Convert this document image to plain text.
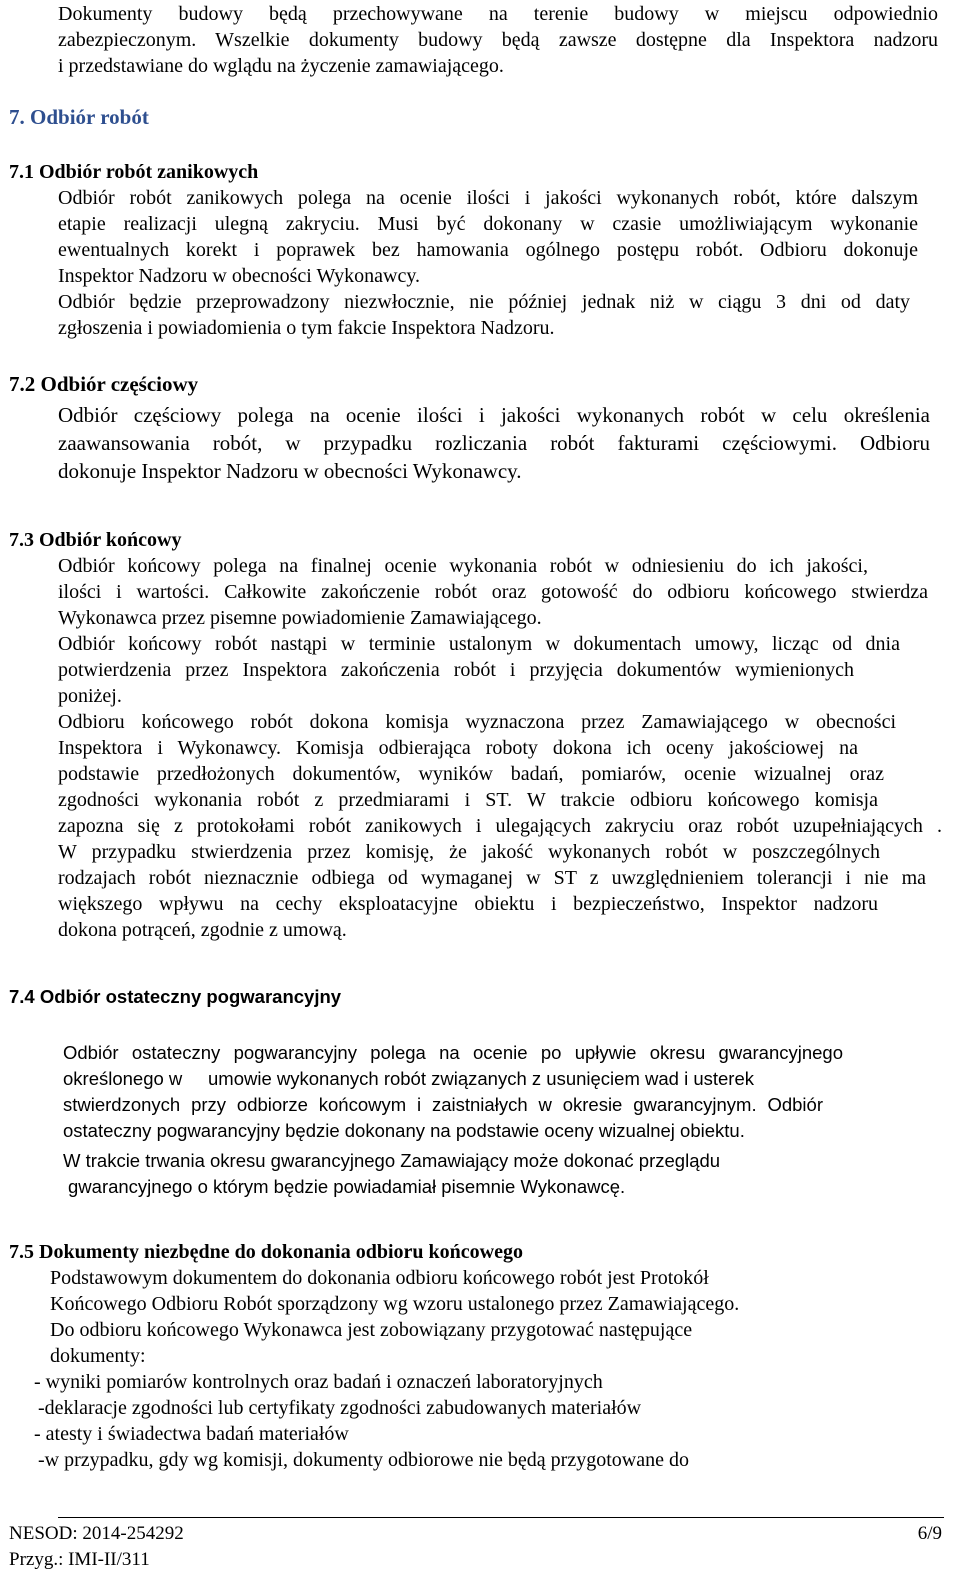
Dokumenty budowy będą przechowywane na terenie budowy w miejscu odpowiednio
zabezpieczonym. Wszelkie dokumenty budowy będą zawsze dostępne dla Inspektora nadzoru
i przedstawiane do wglądu na życzenie zamawiającego.
7. Odbiór robót
7.1 Odbiór robót zanikowych
Odbiór robót zanikowych polega na ocenie ilości i jakości wykonanych robót, które dalszym
etapie realizacji ulegną zakryciu. Musi być dokonany w czasie umożliwiającym wykonanie
ewentualnych korekt i poprawek bez hamowania ogólnego postępu robót. Odbioru dokonuje
Inspektor Nadzoru w obecności Wykonawcy.
Odbiór będzie przeprowadzony niezwłocznie, nie później jednak niż w ciągu 3 dni od daty
zgłoszenia i powiadomienia o tym fakcie Inspektora Nadzoru.
7.2 Odbiór częściowy
Odbiór częściowy polega na ocenie ilości i jakości wykonanych robót w celu określenia
zaawansowania robót, w przypadku rozliczania robót fakturami częściowymi. Odbioru
dokonuje Inspektor Nadzoru w obecności Wykonawcy.
7.3 Odbiór końcowy
Odbiór końcowy polega na finalnej ocenie wykonania robót w odniesieniu do ich jakości,
ilości i wartości. Całkowite zakończenie robót oraz gotowość do odbioru końcowego stwierdza
Wykonawca przez pisemne powiadomienie Zamawiającego.
Odbiór końcowy robót nastąpi w terminie ustalonym w dokumentach umowy, licząc od dnia
potwierdzenia przez Inspektora zakończenia robót i przyjęcia dokumentów wymienionych
poniżej.
Odbioru końcowego robót dokona komisja wyznaczona przez Zamawiającego w obecności
Inspektora i Wykonawcy. Komisja odbierająca roboty dokona ich oceny jakościowej na
podstawie przedłożonych dokumentów, wyników badań, pomiarów, ocenie wizualnej oraz
zgodności wykonania robót z przedmiarami i ST. W trakcie odbioru końcowego komisja
zapozna się z protokołami robót zanikowych i ulegających zakryciu oraz robót uzupełniających .
W przypadku stwierdzenia przez komisję, że jakość wykonanych robót w poszczególnych
rodzajach robót nieznacznie odbiega od wymaganej w ST z uwzględnieniem tolerancji i nie ma
większego wpływu na cechy eksploatacyjne obiektu i bezpieczeństwo, Inspektor nadzoru
dokona potrąceń, zgodnie z umową.
7.4 Odbiór ostateczny pogwarancyjny
Odbiór ostateczny pogwarancyjny polega na ocenie po upływie okresu gwarancyjnego
określonego w     umowie wykonanych robót związanych z usunięciem wad i usterek
stwierdzonych przy odbiorze końcowym i zaistniałych w okresie gwarancyjnym. Odbiór
ostateczny pogwarancyjny będzie dokonany na podstawie oceny wizualnej obiektu.
W trakcie trwania okresu gwarancyjnego Zamawiający może dokonać przeglądu
gwarancyjnego o którym będzie powiadamiał pisemnie Wykonawcę.
7.5 Dokumenty niezbędne do dokonania odbioru końcowego
Podstawowym dokumentem do dokonania odbioru końcowego robót jest Protokół
Końcowego Odbioru Robót sporządzony wg wzoru ustalonego przez Zamawiającego.
Do odbioru końcowego Wykonawca jest zobowiązany przygotować następujące
dokumenty:
- wyniki pomiarów kontrolnych oraz badań i oznaczeń laboratoryjnych
-deklaracje zgodności lub certyfikaty zgodności zabudowanych materiałów
- atesty i świadectwa badań materiałów
-w przypadku, gdy wg komisji, dokumenty odbiorowe nie będą przygotowane do
NESOD: 2014-254292	6/9
Przyg.: IMI-II/311
